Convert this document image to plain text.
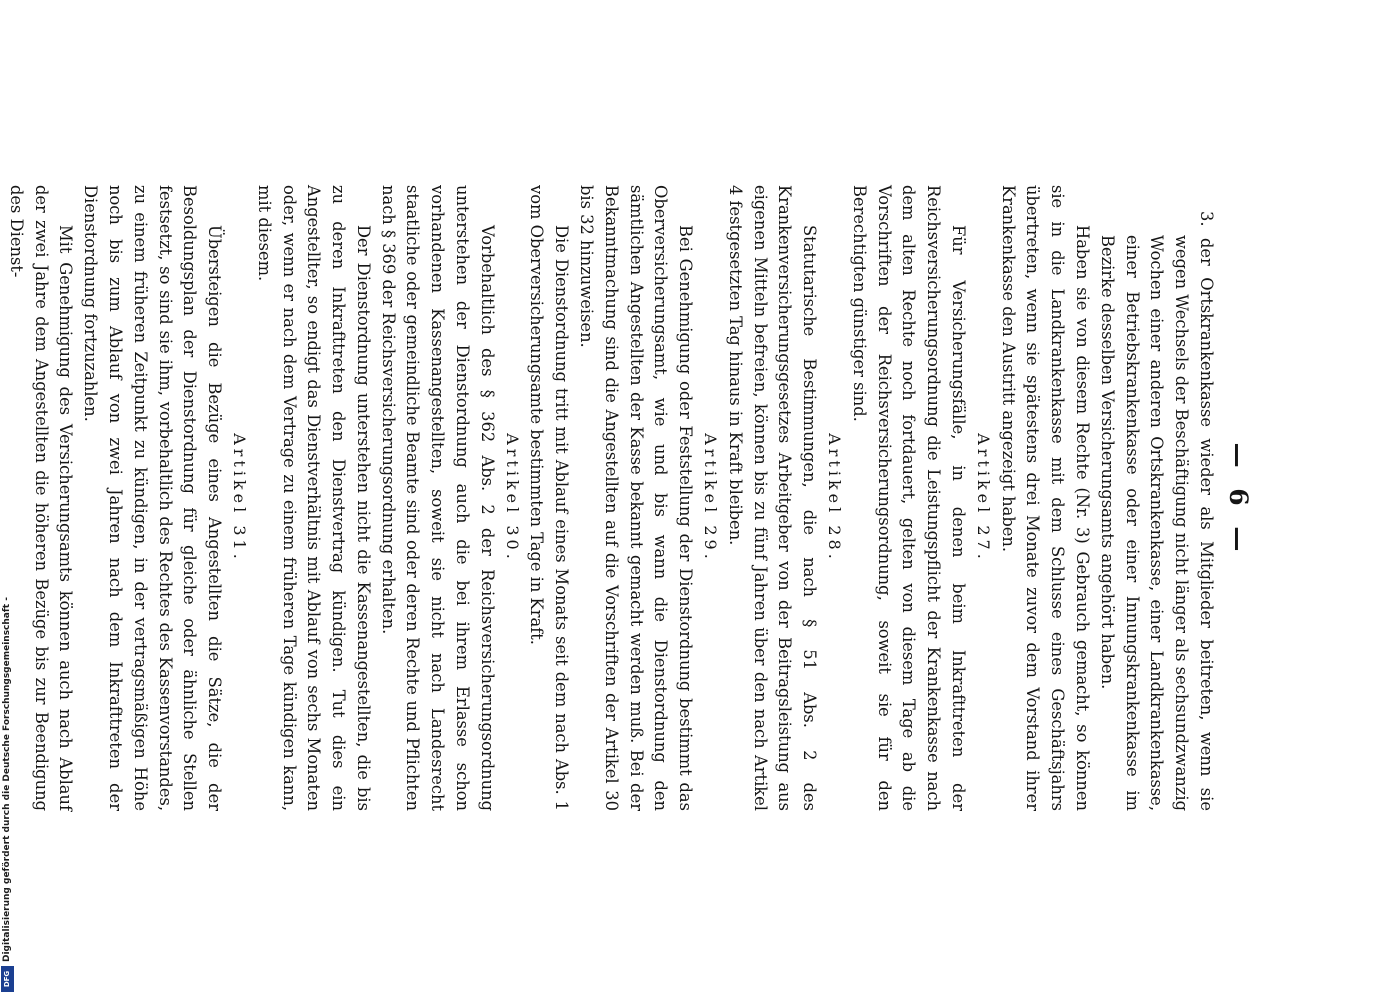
— 6 —

3. der Ortskrankenkasse wieder als Mitglieder beitreten, wenn sie wegen Wechsels der Beschäftigung nicht länger als sechsundzwanzig Wochen einer anderen Ortskrankenkasse, einer Landkrankenkasse, einer Betriebskrankenkasse oder einer Innungskrankenkasse im Bezirke desselben Versicherungsamts angehört haben.

Haben sie von diesem Rechte (Nr. 3) Gebrauch gemacht, so können sie in die Landkrankenkasse mit dem Schlusse eines Geschäftsjahrs übertreten, wenn sie spätestens drei Monate zuvor dem Vorstand ihrer Krankenkasse den Austritt angezeigt haben.

Artikel 27.

Für Versicherungsfälle, in denen beim Inkrafttreten der Reichsversicherungsordnung die Leistungspflicht der Krankenkasse nach dem alten Rechte noch fortdauert, gelten von diesem Tage ab die Vorschriften der Reichsversicherungsordnung, soweit sie für den Berechtigten günstiger sind.

Artikel 28.

Statutarische Bestimmungen, die nach § 51 Abs. 2 des Krankenversicherungsgesetzes Arbeitgeber von der Beitragsleistung aus eigenen Mitteln befreien, können bis zu fünf Jahren über den nach Artikel 4 festgesetzten Tag hinaus in Kraft bleiben.

Artikel 29.

Bei Genehmigung oder Feststellung der Dienstordnung bestimmt das Oberversicherungsamt, wie und bis wann die Dienstordnung den sämtlichen Angestellten der Kasse bekannt gemacht werden muß. Bei der Bekanntmachung sind die Angestellten auf die Vorschriften der Artikel 30 bis 32 hinzuweisen.

Die Dienstordnung tritt mit Ablauf eines Monats seit dem nach Abs. 1 vom Oberversicherungsamte bestimmten Tage in Kraft.

Artikel 30.

Vorbehaltlich des § 362 Abs. 2 der Reichsversicherungsordnung unterstehen der Dienstordnung auch die bei ihrem Erlasse schon vorhandenen Kassenangestellten, soweit sie nicht nach Landesrecht staatliche oder gemeindliche Beamte sind oder deren Rechte und Pflichten nach § 369 der Reichsversicherungsordnung erhalten.

Der Dienstordnung unterstehen nicht die Kassenangestellten, die bis zu deren Inkrafttreten den Dienstvertrag kündigen. Tut dies ein Angestellter, so endigt das Dienstverhältnis mit Ablauf von sechs Monaten oder, wenn er nach dem Vertrage zu einem früheren Tage kündigen kann, mit diesem.

Artikel 31.

Übersteigen die Bezüge eines Angestellten die Sätze, die der Besoldungsplan der Dienstordnung für gleiche oder ähnliche Stellen festsetzt, so sind sie ihm, vorbehaltlich des Rechtes des Kassenvorstandes, zu einem früheren Zeitpunkt zu kündigen, in der vertragsmäßigen Höhe noch bis zum Ablauf von zwei Jahren nach dem Inkrafttreten der Dienstordnung fortzuzahlen.

Mit Genehmigung des Versicherungsamts können auch nach Ablauf der zwei Jahre dem Angestellten die höheren Bezüge bis zur Beendigung des Dienst-

Digitalisierung gefördert durch die Deutsche Forschungsgemeinschaft -
DFG
